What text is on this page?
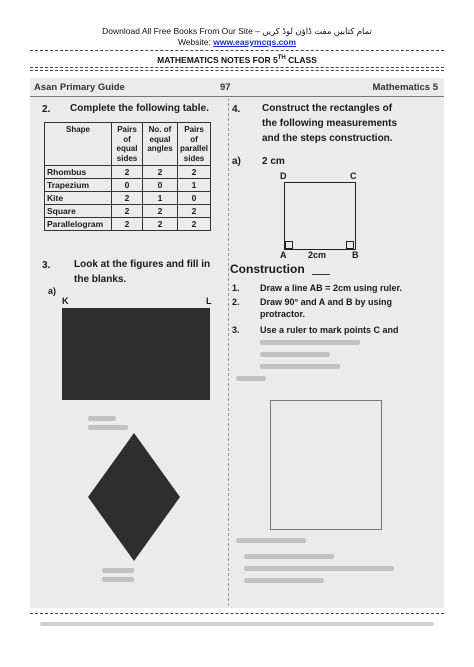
Download All Free Books From Our Site – تمام کتابیں مفت ڈاؤن لوڈ کریں
Website: www.easymcqs.com
MATHEMATICS NOTES FOR 5TH CLASS
Asan Primary Guide	97	Mathematics 5
2. Complete the following table.
Shape	Pairs of equal sides	No. of equal angles	Pairs of parallel sides
Rhombus	2	2	2
Trapezium	0	0	1
Kite	2	1	0
Square	2	2	2
Parallelogram	2	2	2
3. Look at the figures and fill in
the blanks.
a)
K	L
4. Construct the rectangles of
the following measurements
and the steps construction.
a) 2 cm
D	C
A 2cm	B
Construction
1. Draw a line AB = 2cm using ruler.
2. Draw 90° and A and B by using
protractor.
3. Use a ruler to mark points C and
